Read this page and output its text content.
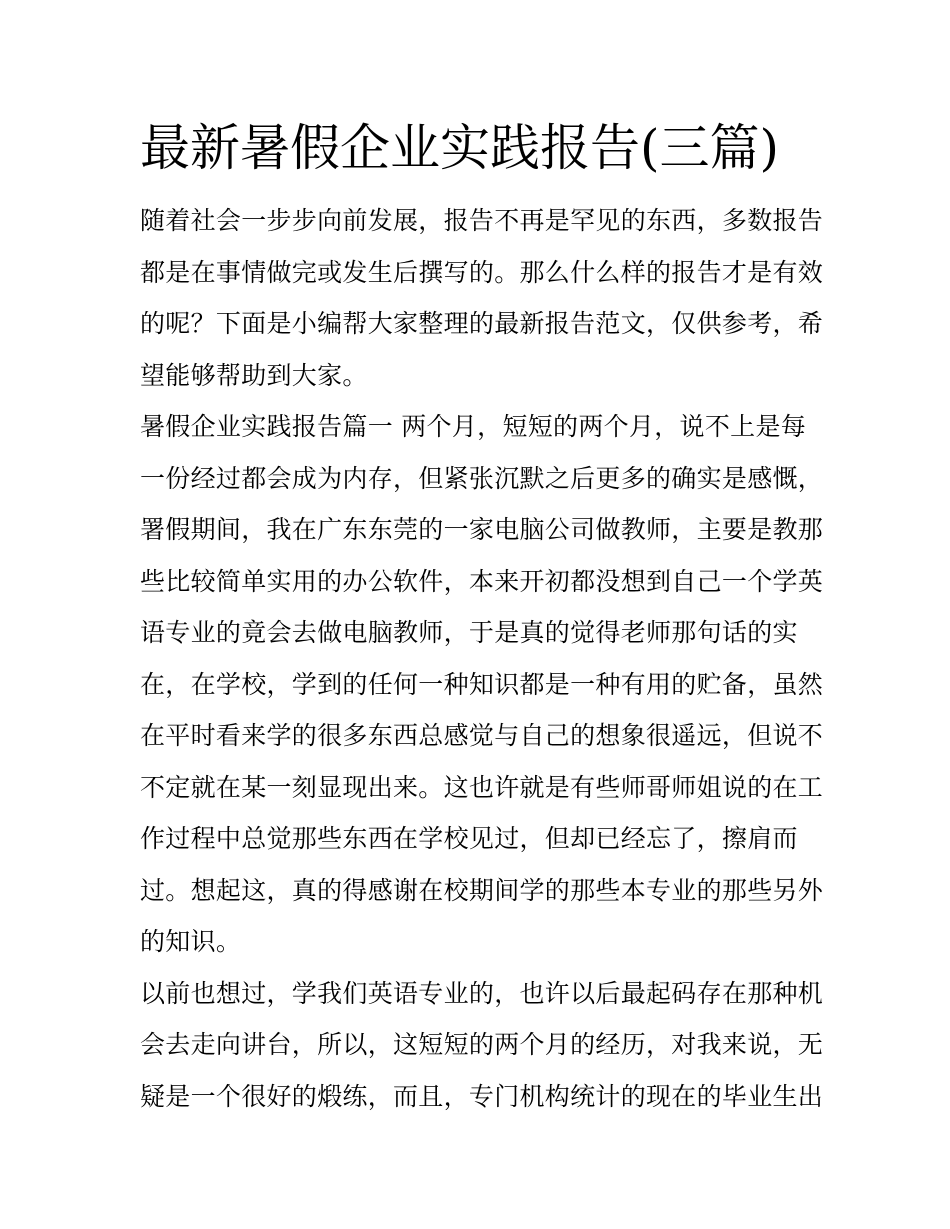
最新暑假企业实践报告(三篇)

随着社会一步步向前发展，报告不再是罕见的东西，多数报告

都是在事情做完或发生后撰写的。那么什么样的报告才是有效

的呢？下面是小编帮大家整理的最新报告范文，仅供参考，希

望能够帮助到大家。

暑假企业实践报告篇一 两个月，短短的两个月，说不上是每

一份经过都会成为内存，但紧张沉默之后更多的确实是感慨，

署假期间，我在广东东莞的一家电脑公司做教师，主要是教那

些比较简单实用的办公软件，本来开初都没想到自己一个学英

语专业的竟会去做电脑教师，于是真的觉得老师那句话的实

在，在学校，学到的任何一种知识都是一种有用的贮备，虽然

在平时看来学的很多东西总感觉与自己的想象很遥远，但说不

不定就在某一刻显现出来。这也许就是有些师哥师姐说的在工

作过程中总觉那些东西在学校见过，但却已经忘了，擦肩而

过。想起这，真的得感谢在校期间学的那些本专业的那些另外

的知识。

以前也想过，学我们英语专业的，也许以后最起码存在那种机

会去走向讲台，所以，这短短的两个月的经历，对我来说，无

疑是一个很好的煅练，而且，专门机构统计的现在的毕业生出
